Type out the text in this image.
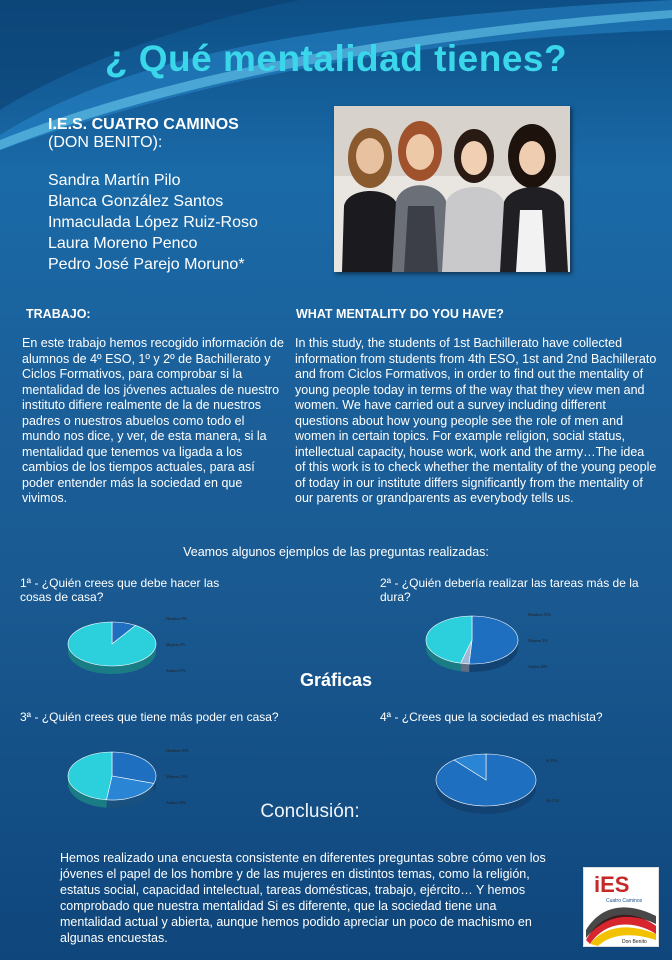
¿ Qué mentalidad tienes?
I.E.S. CUATRO CAMINOS
(DON BENITO):
Sandra Martín Pilo
Blanca González Santos
Inmaculada López Ruiz-Roso
Laura Moreno Penco
Pedro José Parejo Moruno*
TRABAJO:	WHAT MENTALITY DO YOU HAVE?
En este trabajo hemos recogido información de alumnos de 4º ESO, 1º y 2º de Bachillerato y Ciclos Formativos, para comprobar si la mentalidad de los jóvenes actuales de nuestro instituto difiere realmente de la de nuestros padres o nuestros abuelos como todo el mundo nos dice, y ver, de esta manera, si la mentalidad que tenemos va ligada a los cambios de los tiempos actuales, para así poder entender más la sociedad en que vivimos.
In this study, the students of 1st Bachillerato have collected information from students from 4th ESO, 1st and 2nd Bachillerato and from Ciclos Formativos, in order to find out the mentality of young people today in terms of the way that they view men and women. We have carried out a survey including different questions about how young people see the role of men and women in certain topics. For example religion, social status, intellectual capacity, house work, work and the army…The idea of this work is to check whether the mentality of the young people of today in our institute differs significantly from the mentality of our parents or grandparents as everybody tells us.
Veamos algunos ejemplos de las preguntas realizadas:
1ª - ¿Quién crees que debe hacer las cosas de casa?
2ª - ¿Quién debería realizar las tareas más de la dura?
3ª - ¿Quién crees que tiene más poder en casa?	4ª - ¿Crees que la sociedad es machista?
Gráficas
Hombres 9%
Mujeres 0%
Ambos 91%
Hombres 51%
Mujeres 3%
Ambos 46%
Hombres 30%
Mujeres 22%
Ambos 48%
Sí 89%
No 11%
Conclusión:
Hemos realizado una encuesta consistente en diferentes preguntas sobre cómo ven los jóvenes el papel de los hombre y de las mujeres en distintos temas, como la religión, estatus social, capacidad intelectual, tareas domésticas, trabajo, ejército… Y hemos comprobado que nuestra mentalidad Si es diferente, que la sociedad tiene una mentalidad actual y abierta, aunque hemos podido apreciar un poco de machismo en algunas encuestas.
iES
Cuatro Caminos
Don Benito
